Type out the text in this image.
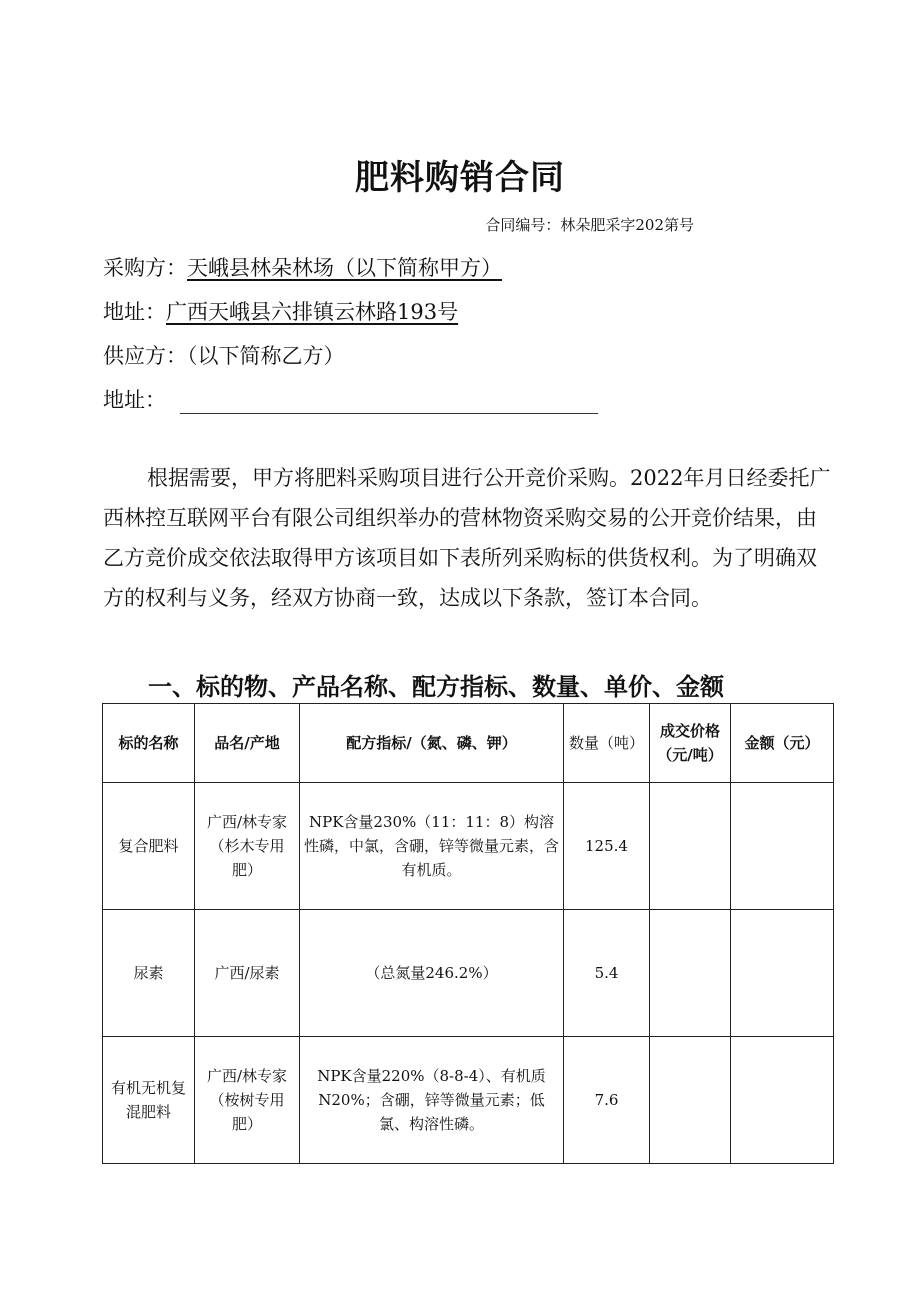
肥料购销合同
合同编号：林朵肥采字202第号
采购方：天峨县林朵林场（以下简称甲方）
地址：广西天峨县六排镇云林路193号
供应方：（以下简称乙方）
地址：
根据需要，甲方将肥料采购项目进行公开竞价采购。2022年月日经委托广西林控互联网平台有限公司组织举办的营林物资采购交易的公开竞价结果，由乙方竞价成交依法取得甲方该项目如下表所列采购标的供货权利。为了明确双方的权利与义务，经双方协商一致，达成以下条款，签订本合同。
一、标的物、产品名称、配方指标、数量、单价、金额
标的名称	品名/产地	配方指标/（氮、磷、钾）	数量（吨）	成交价格（元/吨）	金额（元）
复合肥料	广西/林专家（杉木专用肥）	NPK含量230%（11：11：8）构溶性磷，中氯，含硼，锌等微量元素，含有机质。	125.4		
尿素	广西/尿素	（总氮量246.2%）	5.4		
有机无机复混肥料	广西/林专家（桉树专用肥）	NPK含量220%（8-8-4）、有机质N20%；含硼，锌等微量元素；低氯、构溶性磷。	7.6		
